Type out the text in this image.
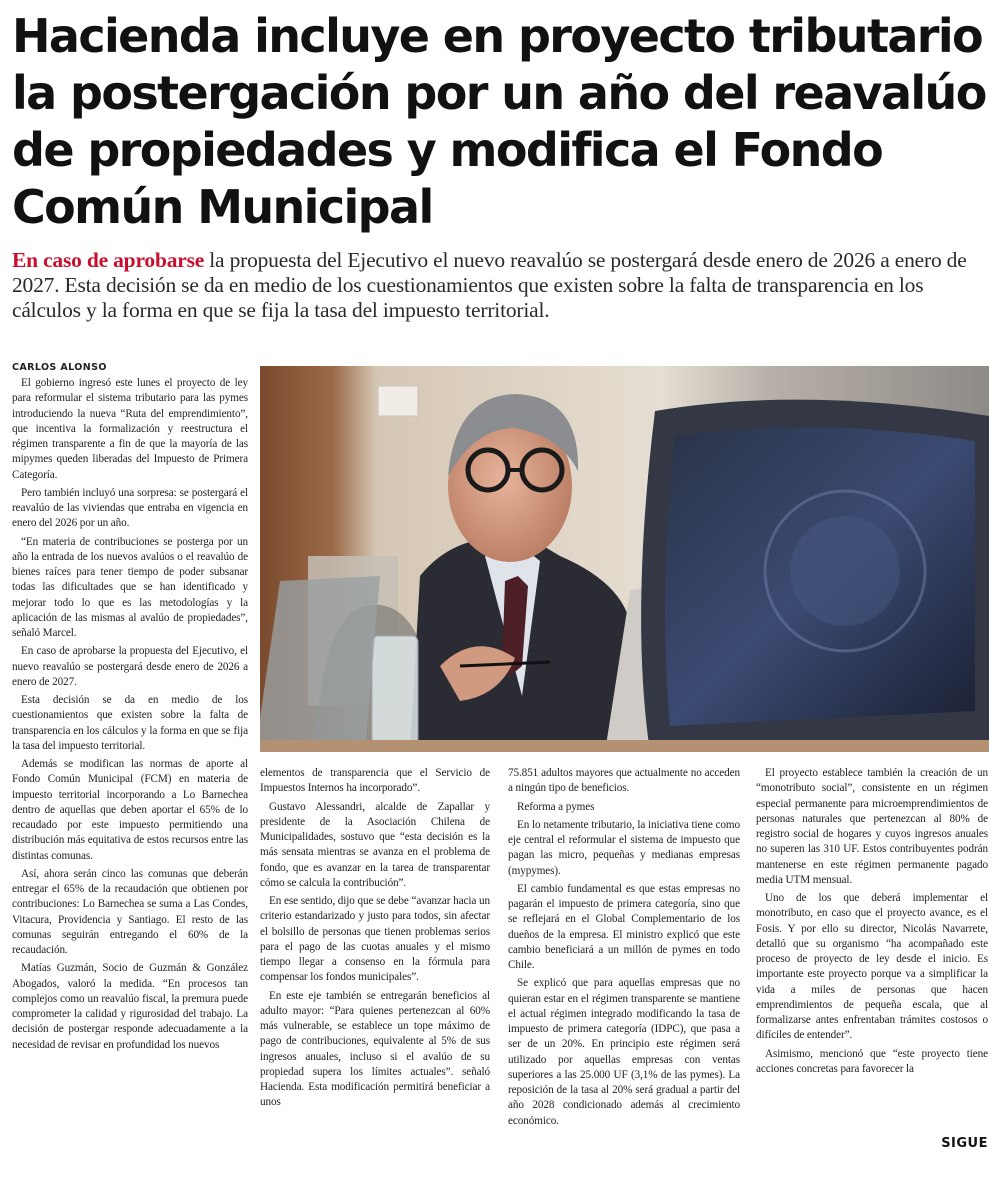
Hacienda incluye en proyecto tributario
la postergación por un año del reavalúo
de propiedades y modifica el Fondo
Común Municipal

En caso de aprobarse la propuesta del Ejecutivo el nuevo reavalúo se postergará desde enero de 2026 a enero de 2027. Esta decisión se da en medio de los cuestionamientos que existen sobre la falta de transparencia en los cálculos y la forma en que se fija la tasa del impuesto territorial.

CARLOS ALONSO

El gobierno ingresó este lunes el proyecto de ley para reformular el sistema tributario para las pymes introduciendo la nueva “Ruta del emprendimiento”, que incentiva la formalización y reestructura el régimen transparente a fin de que la mayoría de las mipymes queden liberadas del Impuesto de Primera Categoría.

Pero también incluyó una sorpresa: se postergará el reavalúo de las viviendas que entraba en vigencia en enero del 2026 por un año.

“En materia de contribuciones se posterga por un año la entrada de los nuevos avalúos o el reavalúo de bienes raíces para tener tiempo de poder subsanar todas las dificultades que se han identificado y mejorar todo lo que es las metodologías y la aplicación de las mismas al avalúo de propiedades”, señaló Marcel.

En caso de aprobarse la propuesta del Ejecutivo, el nuevo reavalúo se postergará desde enero de 2026 a enero de 2027.

Esta decisión se da en medio de los cuestionamientos que existen sobre la falta de transparencia en los cálculos y la forma en que se fija la tasa del impuesto territorial.

Además se modifican las normas de aporte al Fondo Común Municipal (FCM) en materia de impuesto territorial incorporando a Lo Barnechea dentro de aquellas que deben aportar el 65% de lo recaudado por este impuesto permitiendo una distribución más equitativa de estos recursos entre las distintas comunas.

Así, ahora serán cinco las comunas que deberán entregar el 65% de la recaudación que obtienen por contribuciones: Lo Barnechea se suma a Las Condes, Vitacura, Providencia y Santiago. El resto de las comunas seguirán entregando el 60% de la recaudación.

Matías Guzmán, Socio de Guzmán & González Abogados, valoró la medida. “En procesos tan complejos como un reavalúo fiscal, la premura puede comprometer la calidad y rigurosidad del trabajo. La decisión de postergar responde adecuadamente a la necesidad de revisar en profundidad los nuevos

elementos de transparencia que el Servicio de Impuestos Internos ha incorporado”.

Gustavo Alessandri, alcalde de Zapallar y presidente de la Asociación Chilena de Municipalidades, sostuvo que “esta decisión es la más sensata mientras se avanza en el problema de fondo, que es avanzar en la tarea de transparentar cómo se calcula la contribución”.

En ese sentido, dijo que se debe “avanzar hacia un criterio estandarizado y justo para todos, sin afectar el bolsillo de personas que tienen problemas serios para el pago de las cuotas anuales y el mismo tiempo llegar a consenso en la fórmula para compensar los fondos municipales”.

En este eje también se entregarán beneficios al adulto mayor: “Para quienes pertenezcan al 60% más vulnerable, se establece un tope máximo de pago de contribuciones, equivalente al 5% de sus ingresos anuales, incluso si el avalúo de su propiedad supera los límites actuales”. señaló Hacienda. Esta modificación permitirá beneficiar a unos

75.851 adultos mayores que actualmente no acceden a ningún tipo de beneficios.

Reforma a pymes

En lo netamente tributario, la iniciativa tiene como eje central el reformular el sistema de impuesto que pagan las micro, pequeñas y medianas empresas (mypymes).

El cambio fundamental es que estas empresas no pagarán el impuesto de primera categoría, sino que se reflejará en el Global Complementario de los dueños de la empresa. El ministro explicó que este cambio beneficiará a un millón de pymes en todo Chile.

Se explicó que para aquellas empresas que no quieran estar en el régimen transparente se mantiene el actual régimen integrado modificando la tasa de impuesto de primera categoría (IDPC), que pasa a ser de un 20%. En principio este régimen será utilizado por aquellas empresas con ventas superiores a las 25.000 UF (3,1% de las pymes). La reposición de la tasa al 20% será gradual a partir del año 2028 condicionado además al crecimiento económico.

El proyecto establece también la creación de un “monotributo social”, consistente en un régimen especial permanente para microemprendimientos de personas naturales que pertenezcan al 80% de registro social de hogares y cuyos ingresos anuales no superen las 310 UF. Estos contribuyentes podrán mantenerse en este régimen permanente pagado media UTM mensual.

Uno de los que deberá implementar el monotributo, en caso que el proyecto avance, es el Fosis. Y por ello su director, Nicolás Navarrete, detalló que su organismo “ha acompañado este proceso de proyecto de ley desde el inicio. Es importante este proyecto porque va a simplificar la vida a miles de personas que hacen emprendimientos de pequeña escala, que al formalizarse antes enfrentaban trámites costosos o difíciles de entender”.

Asimismo, mencionó que “este proyecto tiene acciones concretas para favorecer la

SIGUE
